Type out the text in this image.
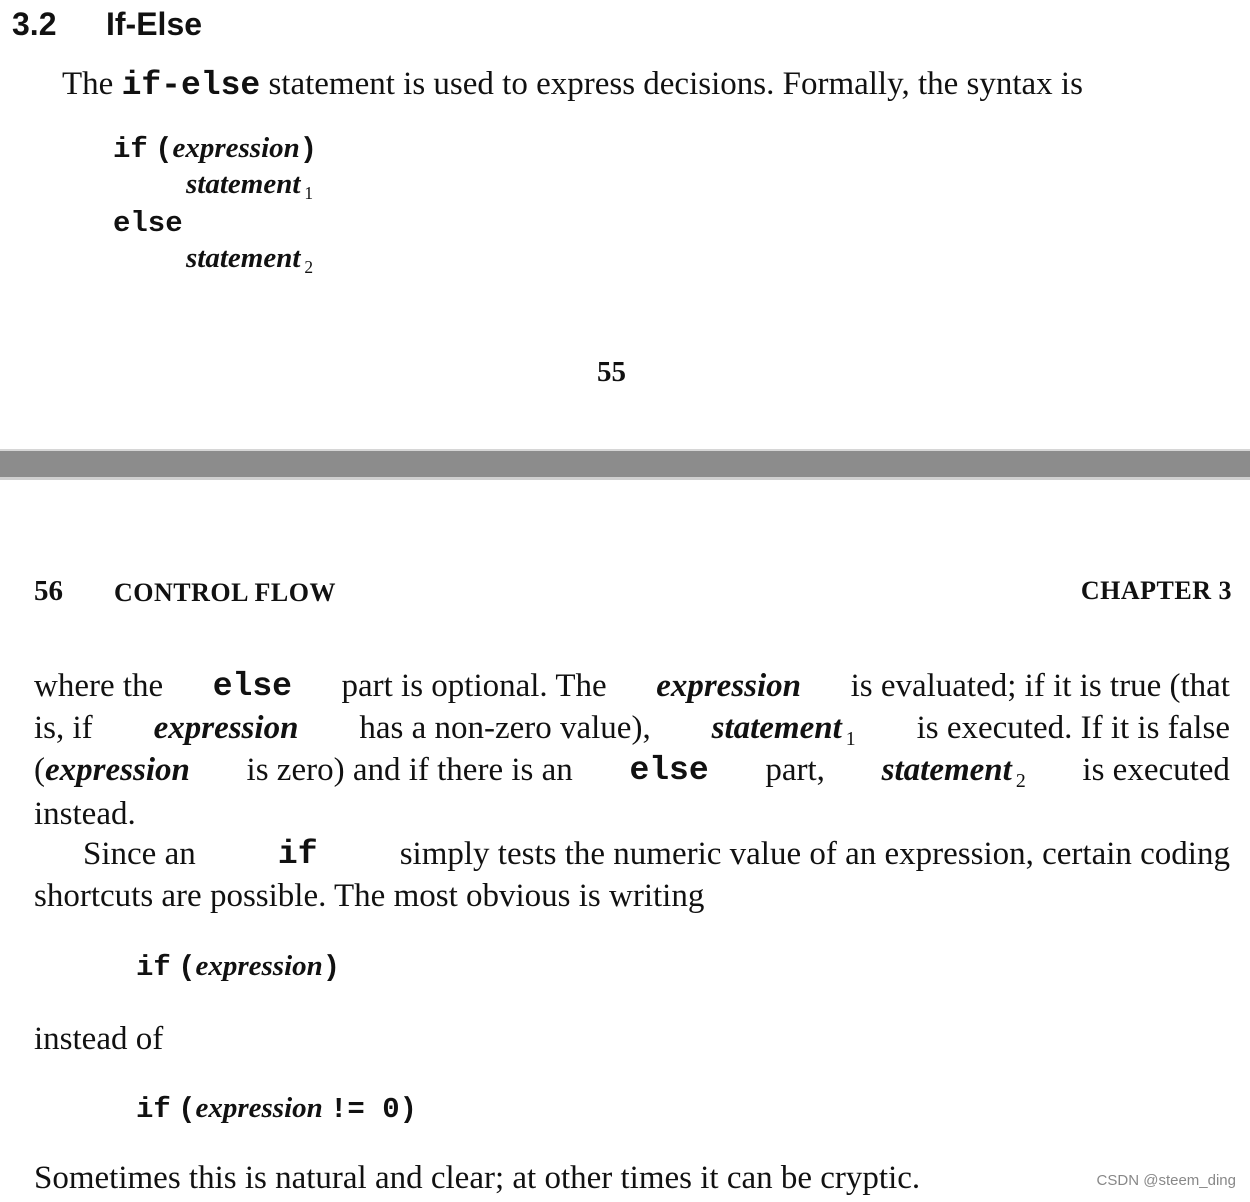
3.2 If-Else
The if-else statement is used to express decisions. Formally, the syntax is
if (expression)
statement $_1$
else
statement $_2$
55
56 CONTROL FLOW	CHAPTER 3
where the else part is optional. The expression is evaluated; if it is true (that
is, if expression has a non-zero value), statement $_1$ is executed. If it is false
(expression is zero) and if there is an else part, statement $_2$ is executed
instead.
Since an if simply tests the numeric value of an expression, certain coding
shortcuts are possible. The most obvious is writing
if (expression)
instead of
if (expression != 0)
Sometimes this is natural and clear; at other times it can be cryptic.	CSDN @steem_ding
